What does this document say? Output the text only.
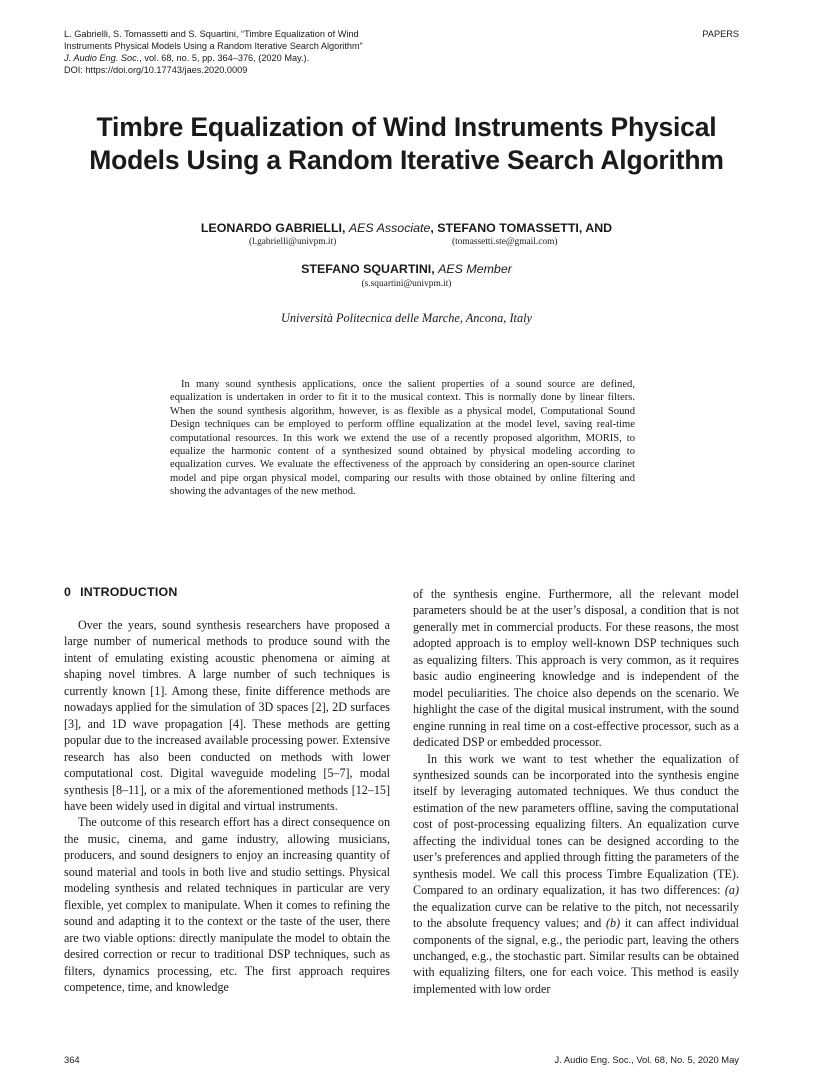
L. Gabrielli, S. Tomassetti and S. Squartini, “Timbre Equalization of Wind
Instruments Physical Models Using a Random Iterative Search Algorithm”
J. Audio Eng. Soc., vol. 68, no. 5, pp. 364–376, (2020 May.).
DOI: https://doi.org/10.17743/jaes.2020.0009
PAPERS
Timbre Equalization of Wind Instruments Physical
Models Using a Random Iterative Search Algorithm
LEONARDO GABRIELLI, AES Associate, STEFANO TOMASSETTI, AND
(l.gabrielli@univpm.it)	(tomassetti.ste@gmail.com)
STEFANO SQUARTINI, AES Member
(s.squartini@univpm.it)
Università Politecnica delle Marche, Ancona, Italy

In many sound synthesis applications, once the salient properties of a sound source are defined, equalization is undertaken in order to fit it to the musical context. This is normally done by linear filters. When the sound synthesis algorithm, however, is as flexible as a physical model, Computational Sound Design techniques can be employed to perform offline equalization at the model level, saving real-time computational resources. In this work we extend the use of a recently proposed algorithm, MORIS, to equalize the harmonic content of a synthesized sound obtained by physical modeling according to equalization curves. We evaluate the effectiveness of the approach by considering an open-source clarinet model and pipe organ physical model, comparing our results with those obtained by online filtering and showing the advantages of the new method.

0 INTRODUCTION

Over the years, sound synthesis researchers have proposed a large number of numerical methods to produce sound with the intent of emulating existing acoustic phenomena or aiming at shaping novel timbres. A large number of such techniques is currently known [1]. Among these, finite difference methods are nowadays applied for the simulation of 3D spaces [2], 2D surfaces [3], and 1D wave propagation [4]. These methods are getting popular due to the increased available processing power. Extensive research has also been conducted on methods with lower computational cost. Digital waveguide modeling [5–7], modal synthesis [8–11], or a mix of the aforementioned methods [12–15] have been widely used in digital and virtual instruments.

The outcome of this research effort has a direct consequence on the music, cinema, and game industry, allowing musicians, producers, and sound designers to enjoy an increasing quantity of sound material and tools in both live and studio settings. Physical modeling synthesis and related techniques in particular are very flexible, yet complex to manipulate. When it comes to refining the sound and adapting it to the context or the taste of the user, there are two viable options: directly manipulate the model to obtain the desired correction or recur to traditional DSP techniques, such as filters, dynamics processing, etc. The first approach requires competence, time, and knowledge

of the synthesis engine. Furthermore, all the relevant model parameters should be at the user’s disposal, a condition that is not generally met in commercial products. For these reasons, the most adopted approach is to employ well-known DSP techniques such as equalizing filters. This approach is very common, as it requires basic audio engineering knowledge and is independent of the model peculiarities. The choice also depends on the scenario. We highlight the case of the digital musical instrument, with the sound engine running in real time on a cost-effective processor, such as a dedicated DSP or embedded processor.

In this work we want to test whether the equalization of synthesized sounds can be incorporated into the synthesis engine itself by leveraging automated techniques. We thus conduct the estimation of the new parameters offline, saving the computational cost of post-processing equalizing filters. An equalization curve affecting the individual tones can be designed according to the user’s preferences and applied through fitting the parameters of the synthesis model. We call this process Timbre Equalization (TE). Compared to an ordinary equalization, it has two differences: (a) the equalization curve can be relative to the pitch, not necessarily to the absolute frequency values; and (b) it can affect individual components of the signal, e.g., the periodic part, leaving the others unchanged, e.g., the stochastic part. Similar results can be obtained with equalizing filters, one for each voice. This method is easily implemented with low order

364	J. Audio Eng. Soc., Vol. 68, No. 5, 2020 May
